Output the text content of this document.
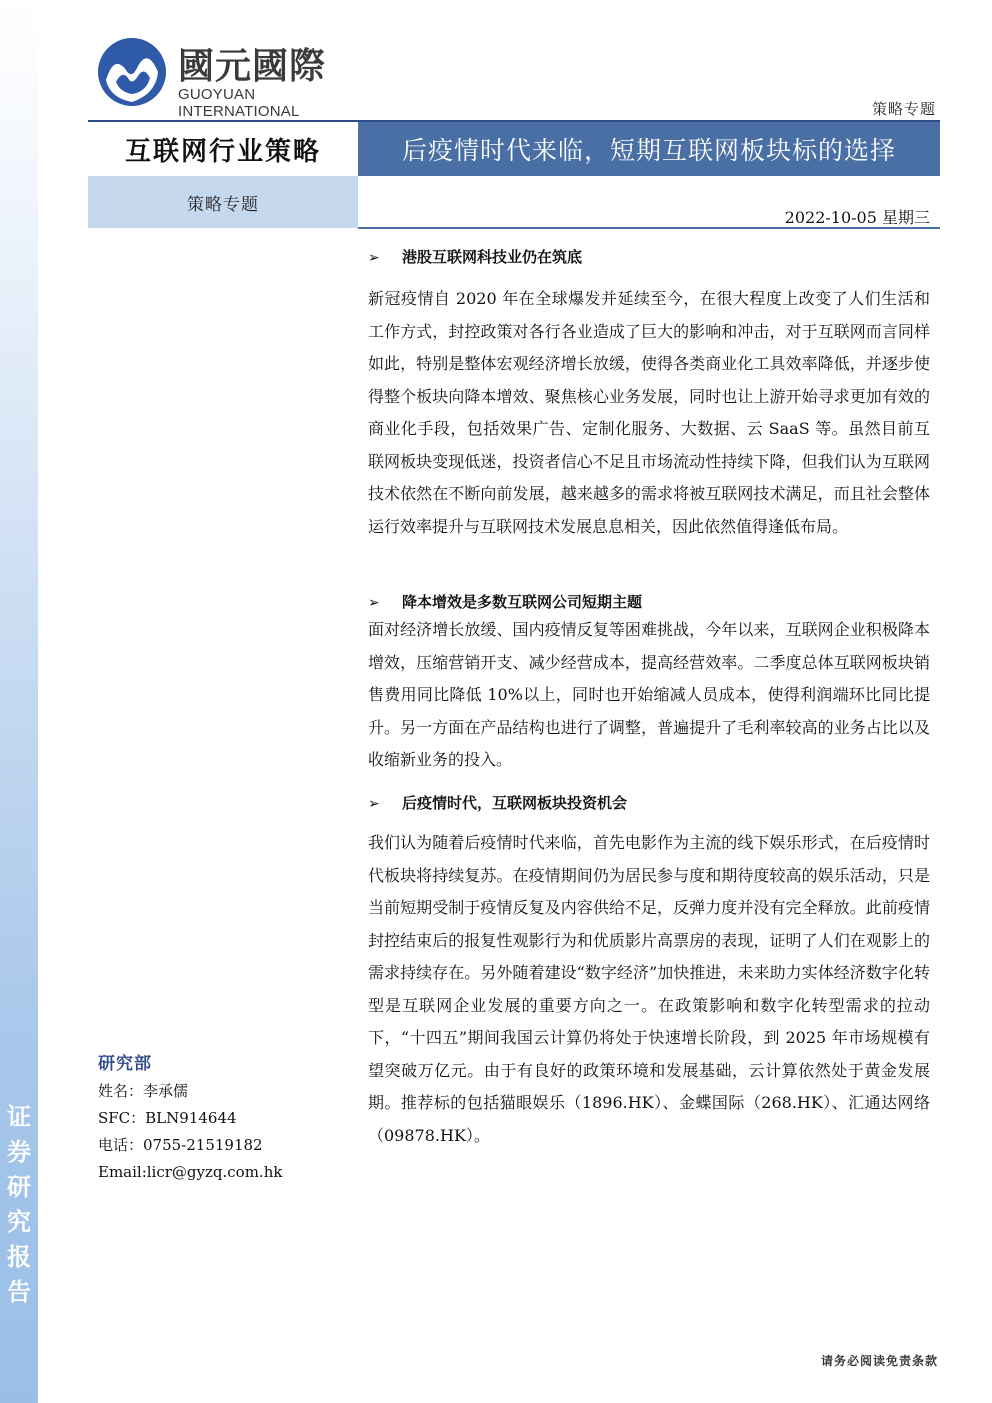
证
券
研
究
报
告
國元國際
GUOYUAN INTERNATIONAL	策略专题
互联网行业策略	后疫情时代来临，短期互联网板块标的选择
策略专题
2022-10-05 星期三
➢ 港股互联网科技业仍在筑底

新冠疫情自 2020 年在全球爆发并延续至今，在很大程度上改变了人们生活和工作方式，封控政策对各行各业造成了巨大的影响和冲击，对于互联网而言同样如此，特别是整体宏观经济增长放缓，使得各类商业化工具效率降低，并逐步使得整个板块向降本增效、聚焦核心业务发展，同时也让上游开始寻求更加有效的商业化手段，包括效果广告、定制化服务、大数据、云 SaaS 等。虽然目前互联网板块变现低迷，投资者信心不足且市场流动性持续下降，但我们认为互联网技术依然在不断向前发展，越来越多的需求将被互联网技术满足，而且社会整体运行效率提升与互联网技术发展息息相关，因此依然值得逢低布局。

➢ 降本增效是多数互联网公司短期主题

面对经济增长放缓、国内疫情反复等困难挑战，今年以来，互联网企业积极降本增效，压缩营销开支、减少经营成本，提高经营效率。二季度总体互联网板块销售费用同比降低 10%以上，同时也开始缩减人员成本，使得利润端环比同比提升。另一方面在产品结构也进行了调整，普遍提升了毛利率较高的业务占比以及收缩新业务的投入。

➢ 后疫情时代，互联网板块投资机会

我们认为随着后疫情时代来临，首先电影作为主流的线下娱乐形式，在后疫情时代板块将持续复苏。在疫情期间仍为居民参与度和期待度较高的娱乐活动，只是当前短期受制于疫情反复及内容供给不足，反弹力度并没有完全释放。此前疫情封控结束后的报复性观影行为和优质影片高票房的表现，证明了人们在观影上的需求持续存在。另外随着建设“数字经济”加快推进，未来助力实体经济数字化转型是互联网企业发展的重要方向之一。在政策影响和数字化转型需求的拉动下，“十四五”期间我国云计算仍将处于快速增长阶段，到 2025 年市场规模有望突破万亿元。由于有良好的政策环境和发展基础，云计算依然处于黄金发展期。推荐标的包括猫眼娱乐（1896.HK）、金蝶国际（268.HK）、汇通达网络（09878.HK）。

研究部
姓名：李承儒
SFC：BLN914644
电话：0755-21519182
Email:licr@gyzq.com.hk
请务必阅读免责条款
